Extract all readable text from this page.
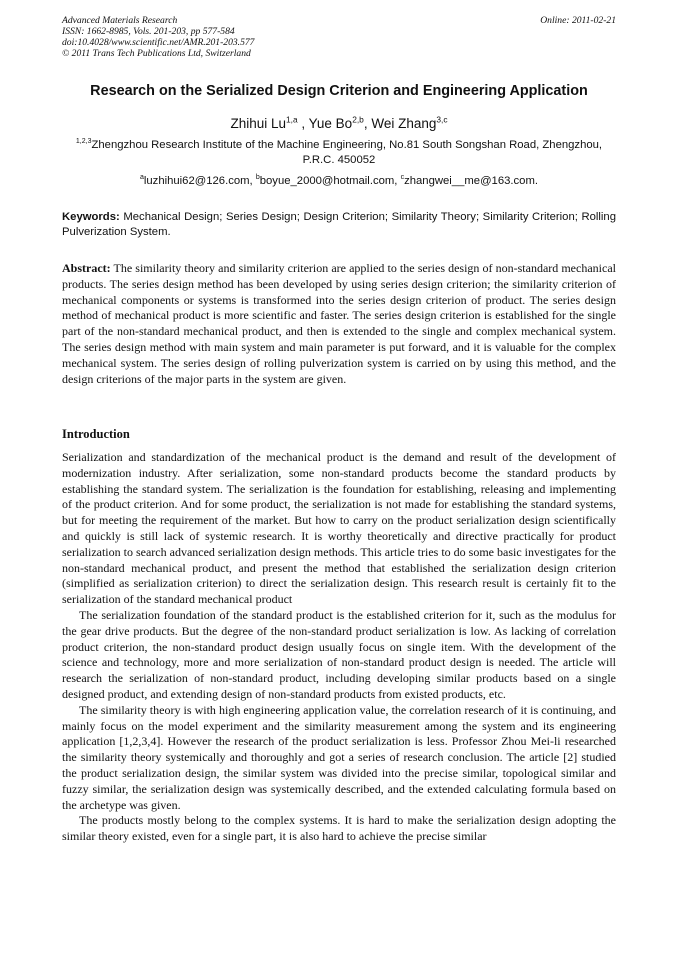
Advanced Materials Research
ISSN: 1662-8985, Vols. 201-203, pp 577-584
doi:10.4028/www.scientific.net/AMR.201-203.577
© 2011 Trans Tech Publications Ltd, Switzerland
Online: 2011-02-21
Research on the Serialized Design Criterion and Engineering Application
Zhihui Lu$^{1,a}$ , Yue Bo$^{2,b}$, Wei Zhang$^{3,c}$
$^{1,2,3}$Zhengzhou Research Institute of the Machine Engineering, No.81 South Songshan Road, Zhengzhou, P.R.C. 450052
$^a$luzhihui62@126.com, $^b$boyue_2000@hotmail.com, $^c$zhangwei__me@163.com.
Keywords: Mechanical Design; Series Design; Design Criterion; Similarity Theory; Similarity Criterion; Rolling Pulverization System.
Abstract: The similarity theory and similarity criterion are applied to the series design of non-standard mechanical products. The series design method has been developed by using series design criterion; the similarity criterion of mechanical components or systems is transformed into the series design criterion of product. The series design method of mechanical product is more scientific and faster. The series design criterion is established for the single part of the non-standard mechanical product, and then is extended to the single and complex mechanical system. The series design method with main system and main parameter is put forward, and it is valuable for the complex mechanical system. The series design of rolling pulverization system is carried on by using this method, and the design criterions of the major parts in the system are given.
Introduction

Serialization and standardization of the mechanical product is the demand and result of the development of modernization industry. After serialization, some non-standard products become the standard products by establishing the standard system. The serialization is the foundation for establishing, releasing and implementing of the product criterion. And for some product, the serialization is not made for establishing the standard systems, but for meeting the requirement of the market. But how to carry on the product serialization design scientifically and quickly is still lack of systemic research. It is worthy theoretically and directive practically for product serialization to search advanced serialization design methods. This article tries to do some basic investigates for the non-standard mechanical product, and present the method that established the serialization design criterion (simplified as serialization criterion) to direct the serialization design. This research result is certainly fit to the serialization of the standard mechanical product

The serialization foundation of the standard product is the established criterion for it, such as the modulus for the gear drive products. But the degree of the non-standard product serialization is low. As lacking of correlation product criterion, the non-standard product design usually focus on single item. With the development of the science and technology, more and more serialization of non-standard product design is needed. The article will research the serialization of non-standard product, including developing similar products based on a single designed product, and extending design of non-standard products from existed products, etc.

The similarity theory is with high engineering application value, the correlation research of it is continuing, and mainly focus on the model experiment and the similarity measurement among the system and its engineering application [1,2,3,4]. However the research of the product serialization is less. Professor Zhou Mei-li researched the similarity theory systemically and thoroughly and got a series of research conclusion. The article [2] studied the product serialization design, the similar system was divided into the precise similar, topological similar and fuzzy similar, the serialization design was systemically described, and the extended calculating formula based on the archetype was given.

The products mostly belong to the complex systems. It is hard to make the serialization design adopting the similar theory existed, even for a single part, it is also hard to achieve the precise similar
